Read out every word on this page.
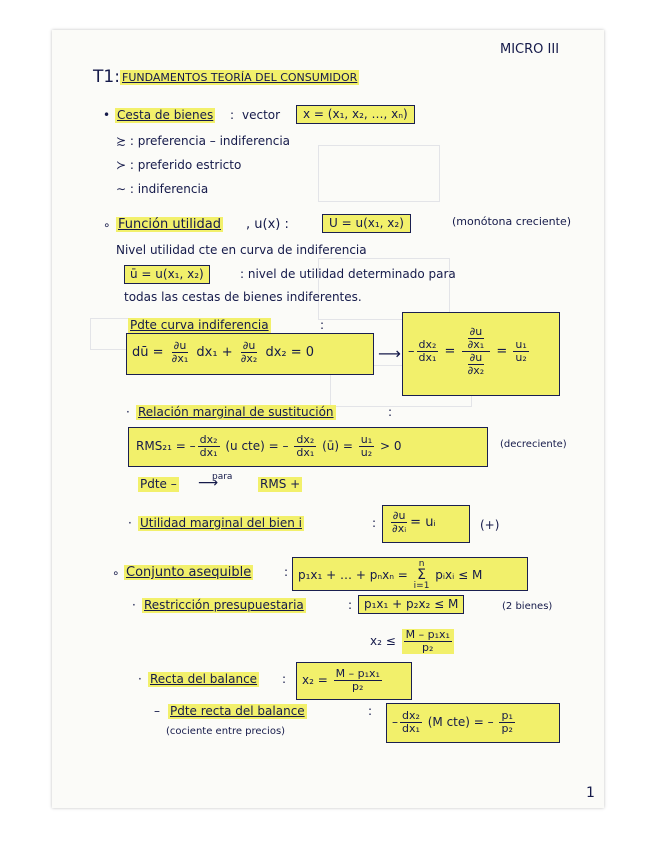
MICRO III
T1: FUNDAMENTOS TEORÍA DEL CONSUMIDOR
• Cesta de bienes : vector	x = (x₁, x₂, …, xₙ)
≿ : preferencia – indiferencia
≻ : preferido estricto
∼ : indiferencia
∘ Función utilidad , u(x) :	U = u(x₁, x₂)	(monótona creciente)
Nivel utilidad cte en curva de indiferencia
ū = u(x₁, x₂)	: nivel de utilidad determinado para
todas las cestas de bienes indiferentes.
Pdte curva indiferencia	:
dū = $\frac{\partial u}{\text{∂x₁}} dx_1 + \frac{\partial u}{\text{∂x₂}} dx_2 = 0$	⟶ – $\frac{\text{dx₂}}{\text{dx₁}} = \frac{\frac{\partial u}{\text{∂x₁}}}{\frac{\partial u}{\text{∂x₂}}} = \frac{\text{u₁}}{\text{u₂}}$
· Relación marginal de sustitución	:
RMS₂₁ = – $\frac{\text{dx₂}}{\text{dx₁}} (u$ cte) = – $\frac{\text{dx₂}}{\text{dx₁}}$ (ū) = $\frac{\text{u₁}}{\text{u₂}} > 0$	(decreciente)
Pdte –	para
⟶	RMS +
· Utilidad marginal del bien i	: $\frac{\partial u}{\text{∂xᵢ}}$ = uᵢ	(+)
∘ Conjunto asequible	: p₁x₁ + … + pₙxₙ =
n
Σ
i=1
pᵢxᵢ ≤ M
· Restricción presupuestaria	: p₁x₁ + p₂x₂ ≤ M	(2 bienes)
$x_2 \le \frac{\text{M – p₁x₁}}{\text{p₂}}$
· Recta del balance : $x_2 = \frac{\text{M – p₁x₁}}{\text{p₂}}$
– Pdte recta del balance	:
(cociente entre precios)
– $\frac{\text{dx₂}}{\text{dx₁}} (M$ cte) = – $\frac{\text{p₁}}{\text{p₂}}$
1
